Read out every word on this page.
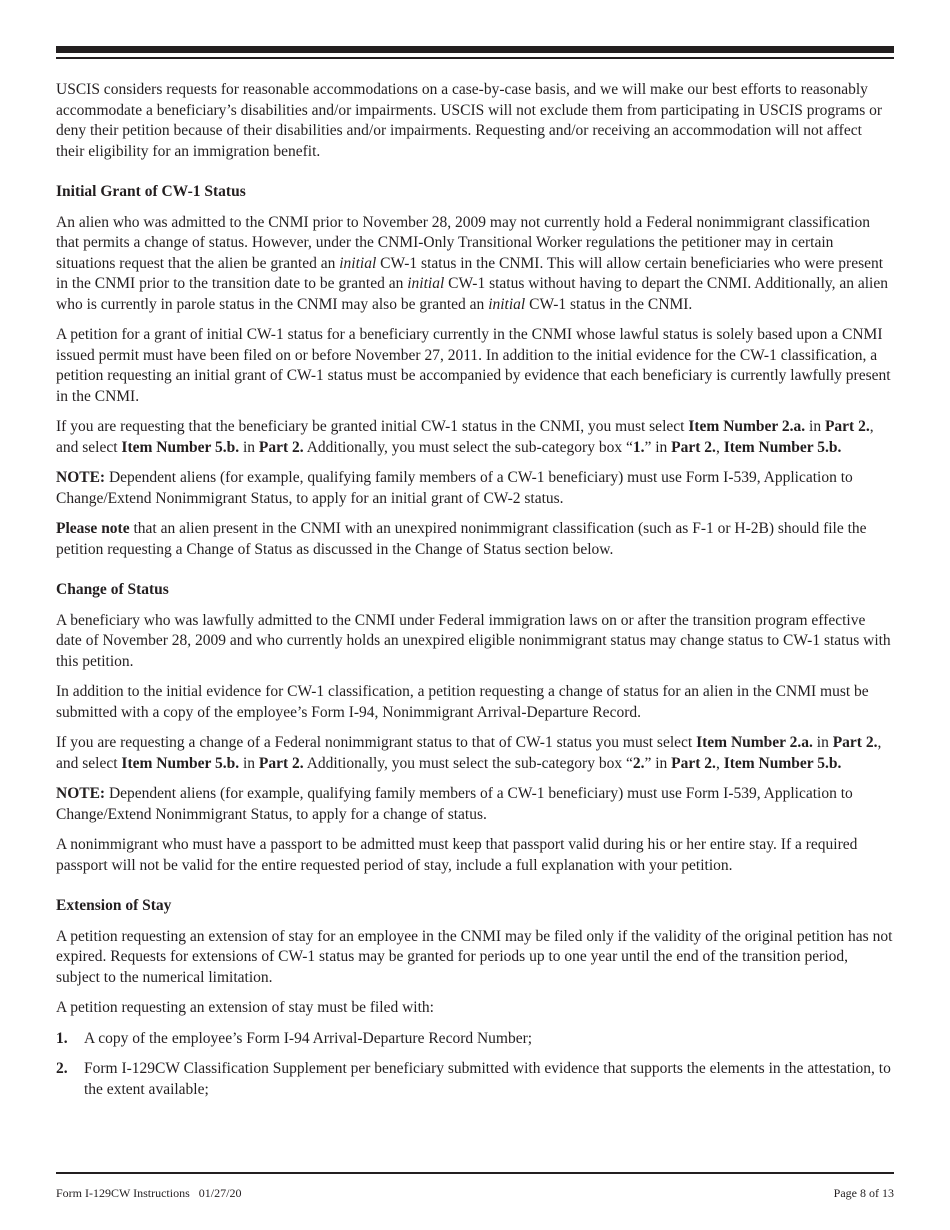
USCIS considers requests for reasonable accommodations on a case-by-case basis, and we will make our best efforts to reasonably accommodate a beneficiary’s disabilities and/or impairments. USCIS will not exclude them from participating in USCIS programs or deny their petition because of their disabilities and/or impairments. Requesting and/or receiving an accommodation will not affect their eligibility for an immigration benefit.

Initial Grant of CW-1 Status

An alien who was admitted to the CNMI prior to November 28, 2009 may not currently hold a Federal nonimmigrant classification that permits a change of status. However, under the CNMI-Only Transitional Worker regulations the petitioner may in certain situations request that the alien be granted an initial CW-1 status in the CNMI. This will allow certain beneficiaries who were present in the CNMI prior to the transition date to be granted an initial CW-1 status without having to depart the CNMI. Additionally, an alien who is currently in parole status in the CNMI may also be granted an initial CW-1 status in the CNMI.

A petition for a grant of initial CW-1 status for a beneficiary currently in the CNMI whose lawful status is solely based upon a CNMI issued permit must have been filed on or before November 27, 2011. In addition to the initial evidence for the CW-1 classification, a petition requesting an initial grant of CW-1 status must be accompanied by evidence that each beneficiary is currently lawfully present in the CNMI.

If you are requesting that the beneficiary be granted initial CW-1 status in the CNMI, you must select Item Number 2.a. in Part 2., and select Item Number 5.b. in Part 2. Additionally, you must select the sub-category box “1.” in Part 2., Item Number 5.b.

NOTE: Dependent aliens (for example, qualifying family members of a CW-1 beneficiary) must use Form I-539, Application to Change/Extend Nonimmigrant Status, to apply for an initial grant of CW-2 status.

Please note that an alien present in the CNMI with an unexpired nonimmigrant classification (such as F-1 or H-2B) should file the petition requesting a Change of Status as discussed in the Change of Status section below.

Change of Status

A beneficiary who was lawfully admitted to the CNMI under Federal immigration laws on or after the transition program effective date of November 28, 2009 and who currently holds an unexpired eligible nonimmigrant status may change status to CW-1 status with this petition.

In addition to the initial evidence for CW-1 classification, a petition requesting a change of status for an alien in the CNMI must be submitted with a copy of the employee’s Form I-94, Nonimmigrant Arrival-Departure Record.

If you are requesting a change of a Federal nonimmigrant status to that of CW-1 status you must select Item Number 2.a. in Part 2., and select Item Number 5.b. in Part 2. Additionally, you must select the sub-category box “2.” in Part 2., Item Number 5.b.

NOTE: Dependent aliens (for example, qualifying family members of a CW-1 beneficiary) must use Form I-539, Application to Change/Extend Nonimmigrant Status, to apply for a change of status.

A nonimmigrant who must have a passport to be admitted must keep that passport valid during his or her entire stay. If a required passport will not be valid for the entire requested period of stay, include a full explanation with your petition.

Extension of Stay

A petition requesting an extension of stay for an employee in the CNMI may be filed only if the validity of the original petition has not expired. Requests for extensions of CW-1 status may be granted for periods up to one year until the end of the transition period, subject to the numerical limitation.

A petition requesting an extension of stay must be filed with:

1.	A copy of the employee’s Form I-94 Arrival-Departure Record Number;
2.	Form I-129CW Classification Supplement per beneficiary submitted with evidence that supports the elements in the attestation, to the extent available;
Form I-129CW Instructions   01/27/20	Page 8 of 13
